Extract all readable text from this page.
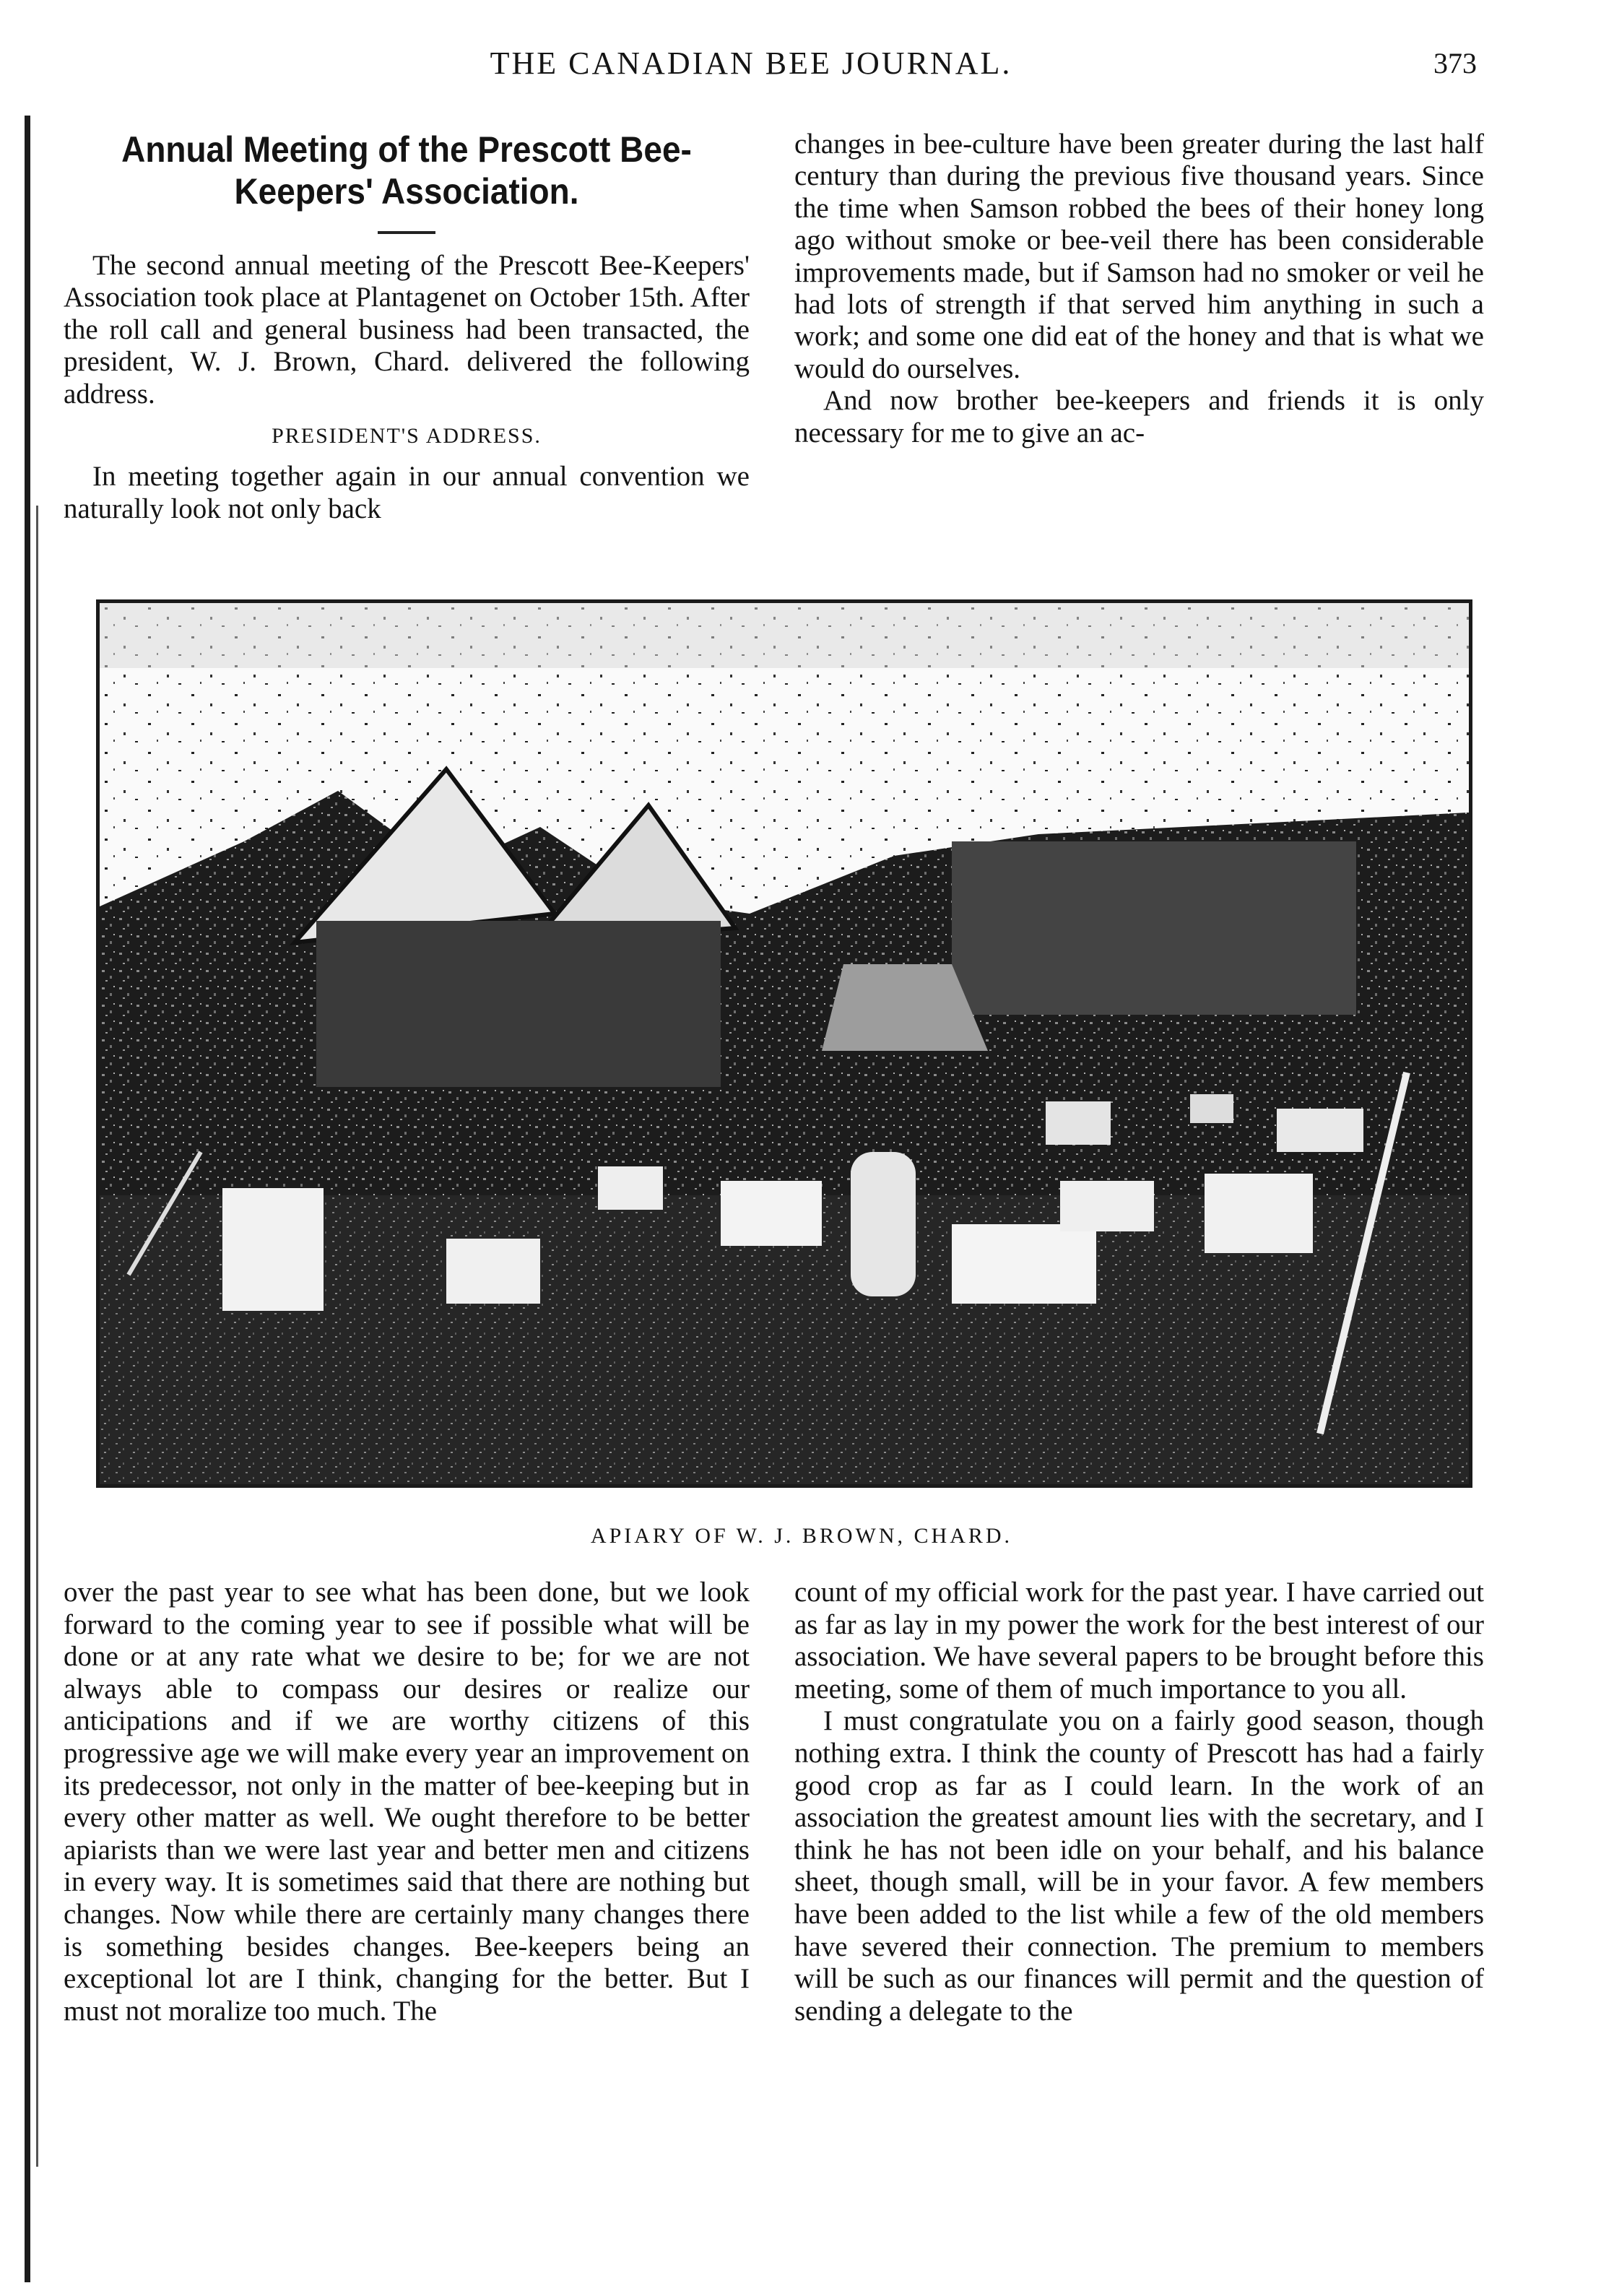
THE CANADIAN BEE JOURNAL.	373
Annual Meeting of the Prescott Bee-Keepers' Association.

The second annual meeting of the Prescott Bee-Keepers' Association took place at Plantagenet on October 15th. After the roll call and general business had been transacted, the president, W. J. Brown, Chard. delivered the following address.

PRESIDENT'S ADDRESS.

In meeting together again in our annual convention we naturally look not only back

changes in bee-culture have been greater during the last half century than during the previous five thousand years. Since the time when Samson robbed the bees of their honey long ago without smoke or bee-veil there has been considerable improvements made, but if Samson had no smoker or veil he had lots of strength if that served him anything in such a work; and some one did eat of the honey and that is what we would do ourselves.

And now brother bee-keepers and friends it is only necessary for me to give an ac-

APIARY OF W. J. BROWN, CHARD.

over the past year to see what has been done, but we look forward to the coming year to see if possible what will be done or at any rate what we desire to be; for we are not always able to compass our desires or realize our anticipations and if we are worthy citizens of this progressive age we will make every year an improvement on its predecessor, not only in the matter of bee-keeping but in every other matter as well. We ought therefore to be better apiarists than we were last year and better men and citizens in every way. It is sometimes said that there are nothing but changes. Now while there are certainly many changes there is something besides changes. Bee-keepers being an exceptional lot are I think, changing for the better. But I must not moralize too much. The

count of my official work for the past year. I have carried out as far as lay in my power the work for the best interest of our association. We have several papers to be brought before this meeting, some of them of much importance to you all.

I must congratulate you on a fairly good season, though nothing extra. I think the county of Prescott has had a fairly good crop as far as I could learn. In the work of an association the greatest amount lies with the secretary, and I think he has not been idle on your behalf, and his balance sheet, though small, will be in your favor. A few members have been added to the list while a few of the old members have severed their connection. The premium to members will be such as our finances will permit and the question of sending a delegate to the
